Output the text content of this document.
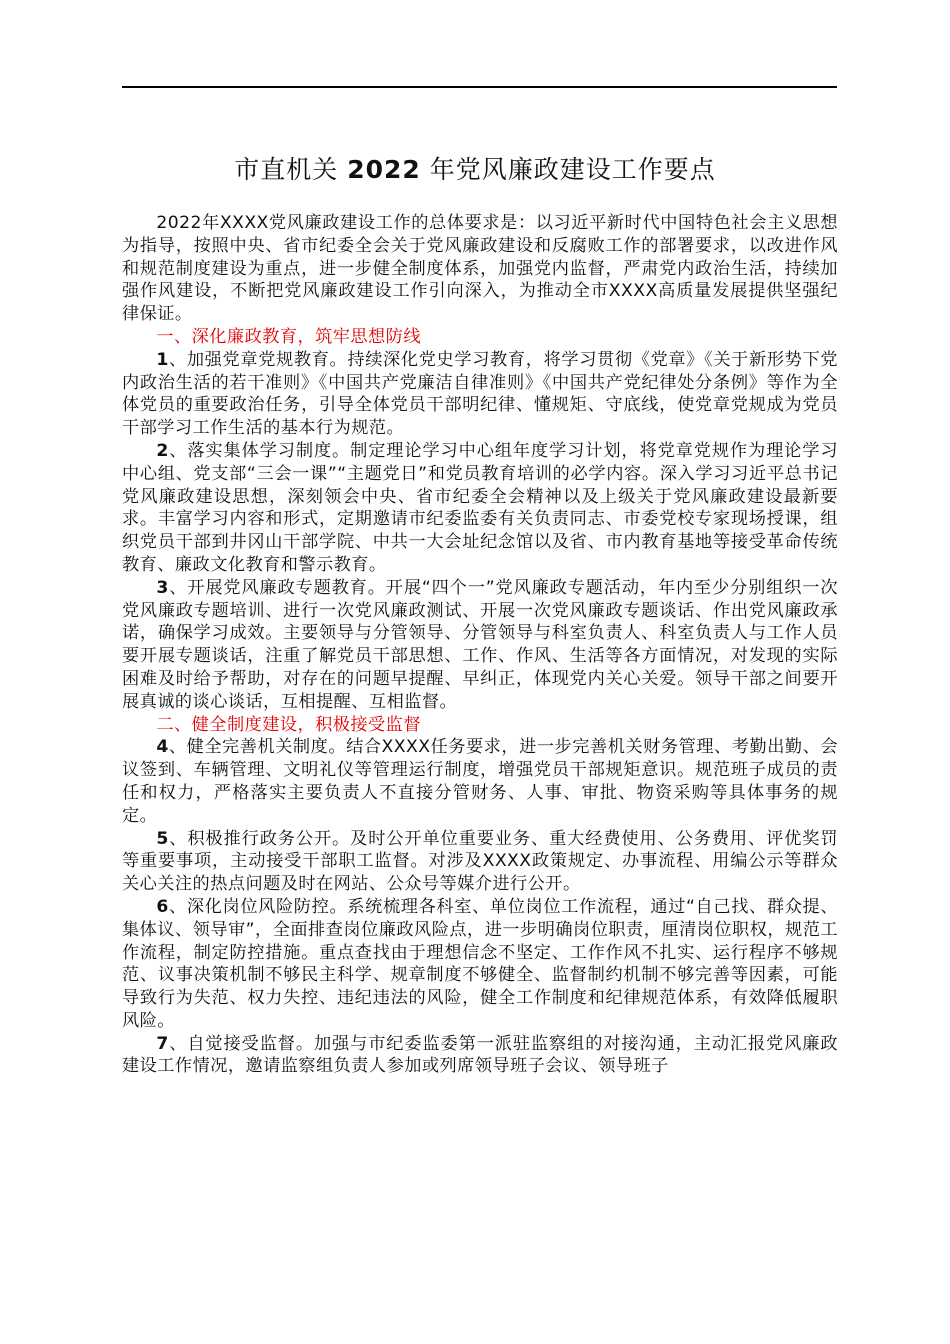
市直机关 2022 年党风廉政建设工作要点

2022年XXXX党风廉政建设工作的总体要求是：以习近平新时代中国特色社会主义思想为指导，按照中央、省市纪委全会关于党风廉政建设和反腐败工作的部署要求，以改进作风和规范制度建设为重点，进一步健全制度体系，加强党内监督，严肃党内政治生活，持续加强作风建设，不断把党风廉政建设工作引向深入，为推动全市XXXX高质量发展提供坚强纪律保证。

一、深化廉政教育，筑牢思想防线

1、加强党章党规教育。持续深化党史学习教育，将学习贯彻《党章》《关于新形势下党内政治生活的若干准则》《中国共产党廉洁自律准则》《中国共产党纪律处分条例》等作为全体党员的重要政治任务，引导全体党员干部明纪律、懂规矩、守底线，使党章党规成为党员干部学习工作生活的基本行为规范。

2、落实集体学习制度。制定理论学习中心组年度学习计划，将党章党规作为理论学习中心组、党支部“三会一课”“主题党日”和党员教育培训的必学内容。深入学习习近平总书记党风廉政建设思想，深刻领会中央、省市纪委全会精神以及上级关于党风廉政建设最新要求。丰富学习内容和形式，定期邀请市纪委监委有关负责同志、市委党校专家现场授课，组织党员干部到井冈山干部学院、中共一大会址纪念馆以及省、市内教育基地等接受革命传统教育、廉政文化教育和警示教育。

3、开展党风廉政专题教育。开展“四个一”党风廉政专题活动，年内至少分别组织一次党风廉政专题培训、进行一次党风廉政测试、开展一次党风廉政专题谈话、作出党风廉政承诺，确保学习成效。主要领导与分管领导、分管领导与科室负责人、科室负责人与工作人员要开展专题谈话，注重了解党员干部思想、工作、作风、生活等各方面情况，对发现的实际困难及时给予帮助，对存在的问题早提醒、早纠正，体现党内关心关爱。领导干部之间要开展真诚的谈心谈话，互相提醒、互相监督。

二、健全制度建设，积极接受监督

4、健全完善机关制度。结合XXXX任务要求，进一步完善机关财务管理、考勤出勤、会议签到、车辆管理、文明礼仪等管理运行制度，增强党员干部规矩意识。规范班子成员的责任和权力，严格落实主要负责人不直接分管财务、人事、审批、物资采购等具体事务的规定。

5、积极推行政务公开。及时公开单位重要业务、重大经费使用、公务费用、评优奖罚等重要事项，主动接受干部职工监督。对涉及XXXX政策规定、办事流程、用编公示等群众关心关注的热点问题及时在网站、公众号等媒介进行公开。

6、深化岗位风险防控。系统梳理各科室、单位岗位工作流程，通过“自己找、群众提、集体议、领导审”，全面排查岗位廉政风险点，进一步明确岗位职责，厘清岗位职权，规范工作流程，制定防控措施。重点查找由于理想信念不坚定、工作作风不扎实、运行程序不够规范、议事决策机制不够民主科学、规章制度不够健全、监督制约机制不够完善等因素，可能导致行为失范、权力失控、违纪违法的风险，健全工作制度和纪律规范体系，有效降低履职风险。

7、自觉接受监督。加强与市纪委监委第一派驻监察组的对接沟通，主动汇报党风廉政建设工作情况，邀请监察组负责人参加或列席领导班子会议、领导班子
